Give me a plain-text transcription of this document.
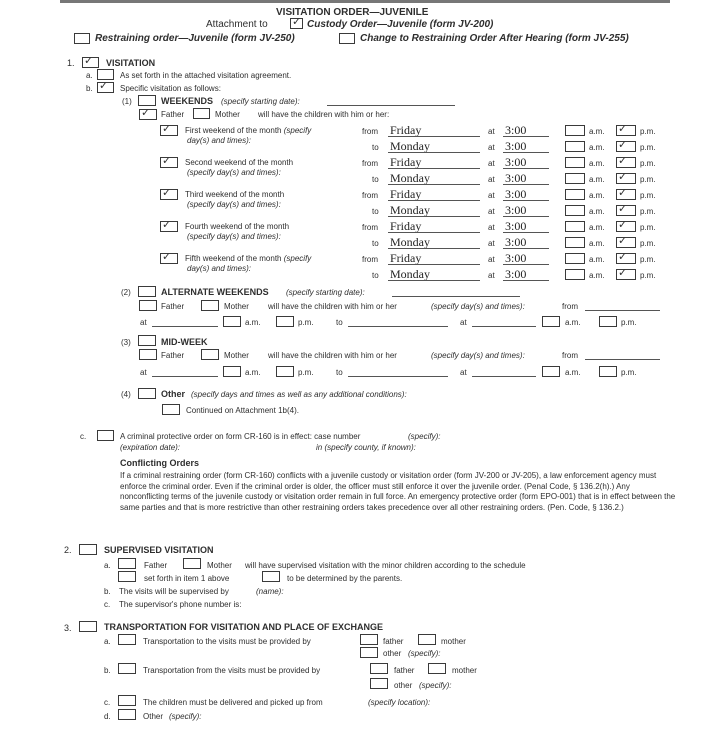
VISITATION ORDER—JUVENILE
Attachment to ✓	Custody Order—Juvenile (form JV-200)
Restraining order—Juvenile (form JV-250)	Change to Restraining Order After Hearing (form JV-255)
1. ✓	VISITATION
a.	As set forth in the attached visitation agreement.
b. ✓	Specific visitation as follows:
(1)	WEEKENDS (specify starting date):
✓
Father	Mother will have the children with him or her:
✓
First weekend of the month (specify
day(s) and times):
from Friday	at 3:00	a.m. ✓	p.m.
to Monday	at 3:00	a.m. ✓	p.m.
✓
Second weekend of the month
(specify day(s) and times):
from Friday	at 3:00	a.m. ✓	p.m.
to Monday	at 3:00	a.m. ✓	p.m.
✓
Third weekend of the month
(specify day(s) and times):
from Friday	at 3:00	a.m. ✓	p.m.
to Monday	at 3:00	a.m. ✓	p.m.
✓
Fourth weekend of the month
(specify day(s) and times):
from Friday	at 3:00	a.m. ✓	p.m.
to Monday	at 3:00	a.m. ✓	p.m.
✓
Fifth weekend of the month (specify
day(s) and times):
from Friday	at 3:00	a.m. ✓	p.m.
to Monday	at 3:00	a.m. ✓	p.m.
(2)	ALTERNATE WEEKENDS (specify starting date):
Father	Mother will have the children with him or her	(specify day(s) and times):	from
at	a.m.	p.m.	to	at	a.m.	p.m.
(3)	MID-WEEK
Father	Mother will have the children with him or her	(specify day(s) and times):	from
at	a.m.	p.m.	to	at	a.m.	p.m.
(4)	Other (specify days and times as well as any additional conditions):
Continued on Attachment 1b(4).
c.	A criminal protective order on form CR-160 is in effect: case number	(specify):
(expiration date):	in (specify county, if known):
Conflicting Orders
If a criminal restraining order (form CR-160) conflicts with a juvenile custody or visitation order (form JV-200 or JV-205), a law enforcement agency must enforce the criminal order. Even if the criminal order is older, the officer must still enforce it over the juvenile order. (Penal Code, § 136.2(h).) Any nonconflicting terms of the juvenile custody or visitation order remain in full force. An emergency protective order (form EPO-001) that is in effect between the same parties and that is more restrictive than other restraining orders takes precedence over all other restraining orders. (Pen. Code, § 136.2.)
2.	SUPERVISED VISITATION
a.	Father	Mother will have supervised visitation with the minor children according to the schedule
set forth in item 1 above	to be determined by the parents.
b. The visits will be supervised by	(name):
c. The supervisor's phone number is:
3.	TRANSPORTATION FOR VISITATION AND PLACE OF EXCHANGE
a.	Transportation to the visits must be provided by	father	mother
other (specify):
b.	Transportation from the visits must be provided by	father	mother
other (specify):
c.	The children must be delivered and picked up from	(specify location):
d.	Other (specify):
